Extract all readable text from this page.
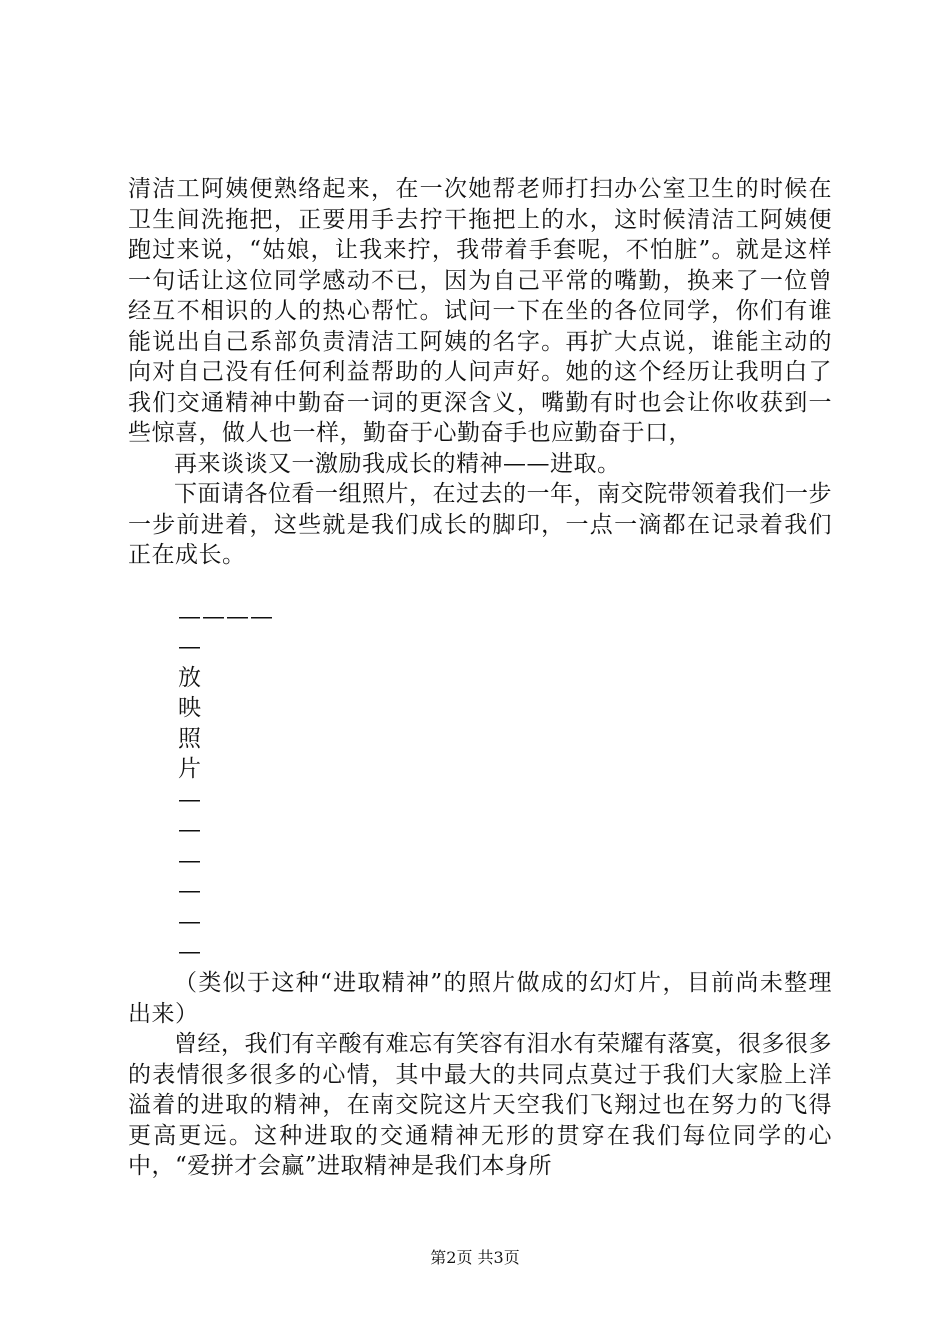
清洁工阿姨便熟络起来，在一次她帮老师打扫办公室卫生的时候在卫生间洗拖把，正要用手去拧干拖把上的水，这时候清洁工阿姨便跑过来说，“姑娘，让我来拧，我带着手套呢，不怕脏”。就是这样一句话让这位同学感动不已，因为自己平常的嘴勤，换来了一位曾经互不相识的人的热心帮忙。试问一下在坐的各位同学，你们有谁能说出自己系部负责清洁工阿姨的名字。再扩大点说，谁能主动的向对自己没有任何利益帮助的人问声好。她的这个经历让我明白了我们交通精神中勤奋一词的更深含义，嘴勤有时也会让你收获到一些惊喜，做人也一样，勤奋于心勤奋手也应勤奋于口，

再来谈谈又一激励我成长的精神——进取。

下面请各位看一组照片，在过去的一年，南交院带领着我们一步一步前进着，这些就是我们成长的脚印，一点一滴都在记录着我们正在成长。

————
—
放
映
照
片
—
—
—
—
—
—

（类似于这种“进取精神”的照片做成的幻灯片，目前尚未整理出来）

曾经，我们有辛酸有难忘有笑容有泪水有荣耀有落寞，很多很多的表情很多很多的心情，其中最大的共同点莫过于我们大家脸上洋溢着的进取的精神，在南交院这片天空我们飞翔过也在努力的飞得更高更远。这种进取的交通精神无形的贯穿在我们每位同学的心中，“爱拼才会赢”进取精神是我们本身所

第2页 共3页
